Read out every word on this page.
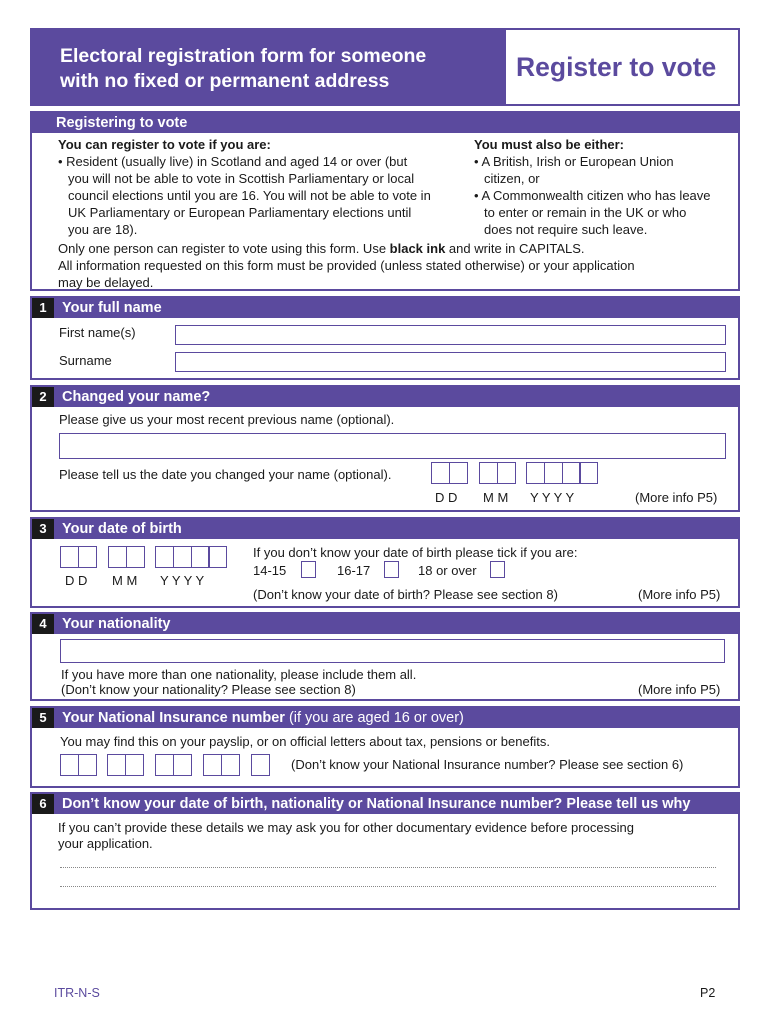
Electoral registration form for someone
with no fixed or permanent address	Register to vote
Registering to vote
You can register to vote if you are:
• Resident (usually live) in Scotland and aged 14 or over (but
you will not be able to vote in Scottish Parliamentary or local
council elections until you are 16. You will not be able to vote in
UK Parliamentary or European Parliamentary elections until
you are 18).
You must also be either:
• A British, Irish or European Union
citizen, or
• A Commonwealth citizen who has leave
to enter or remain in the UK or who
does not require such leave.
Only one person can register to vote using this form. Use black ink and write in CAPITALS.
All information requested on this form must be provided (unless stated otherwise) or your application
may be delayed.
1	Your full name
First name(s)
Surname
2	Changed your name?
Please give us your most recent previous name (optional).
Please tell us the date you changed your name (optional).
D D M M Y Y Y Y	(More info P5)
3	Your date of birth
D D M M Y Y Y Y
If you don’t know your date of birth please tick if you are:
14-15	16-17	18 or over
(Don’t know your date of birth? Please see section 8)	(More info P5)
4	Your nationality
If you have more than one nationality, please include them all.
(Don’t know your nationality? Please see section 8)	(More info P5)
5	Your National Insurance number (if you are aged 16 or over)
You may find this on your payslip, or on official letters about tax, pensions or benefits.
(Don’t know your National Insurance number? Please see section 6)
6	Don’t know your date of birth, nationality or National Insurance number? Please tell us why
If you can’t provide these details we may ask you for other documentary evidence before processing
your application.
ITR-N-S	P2
